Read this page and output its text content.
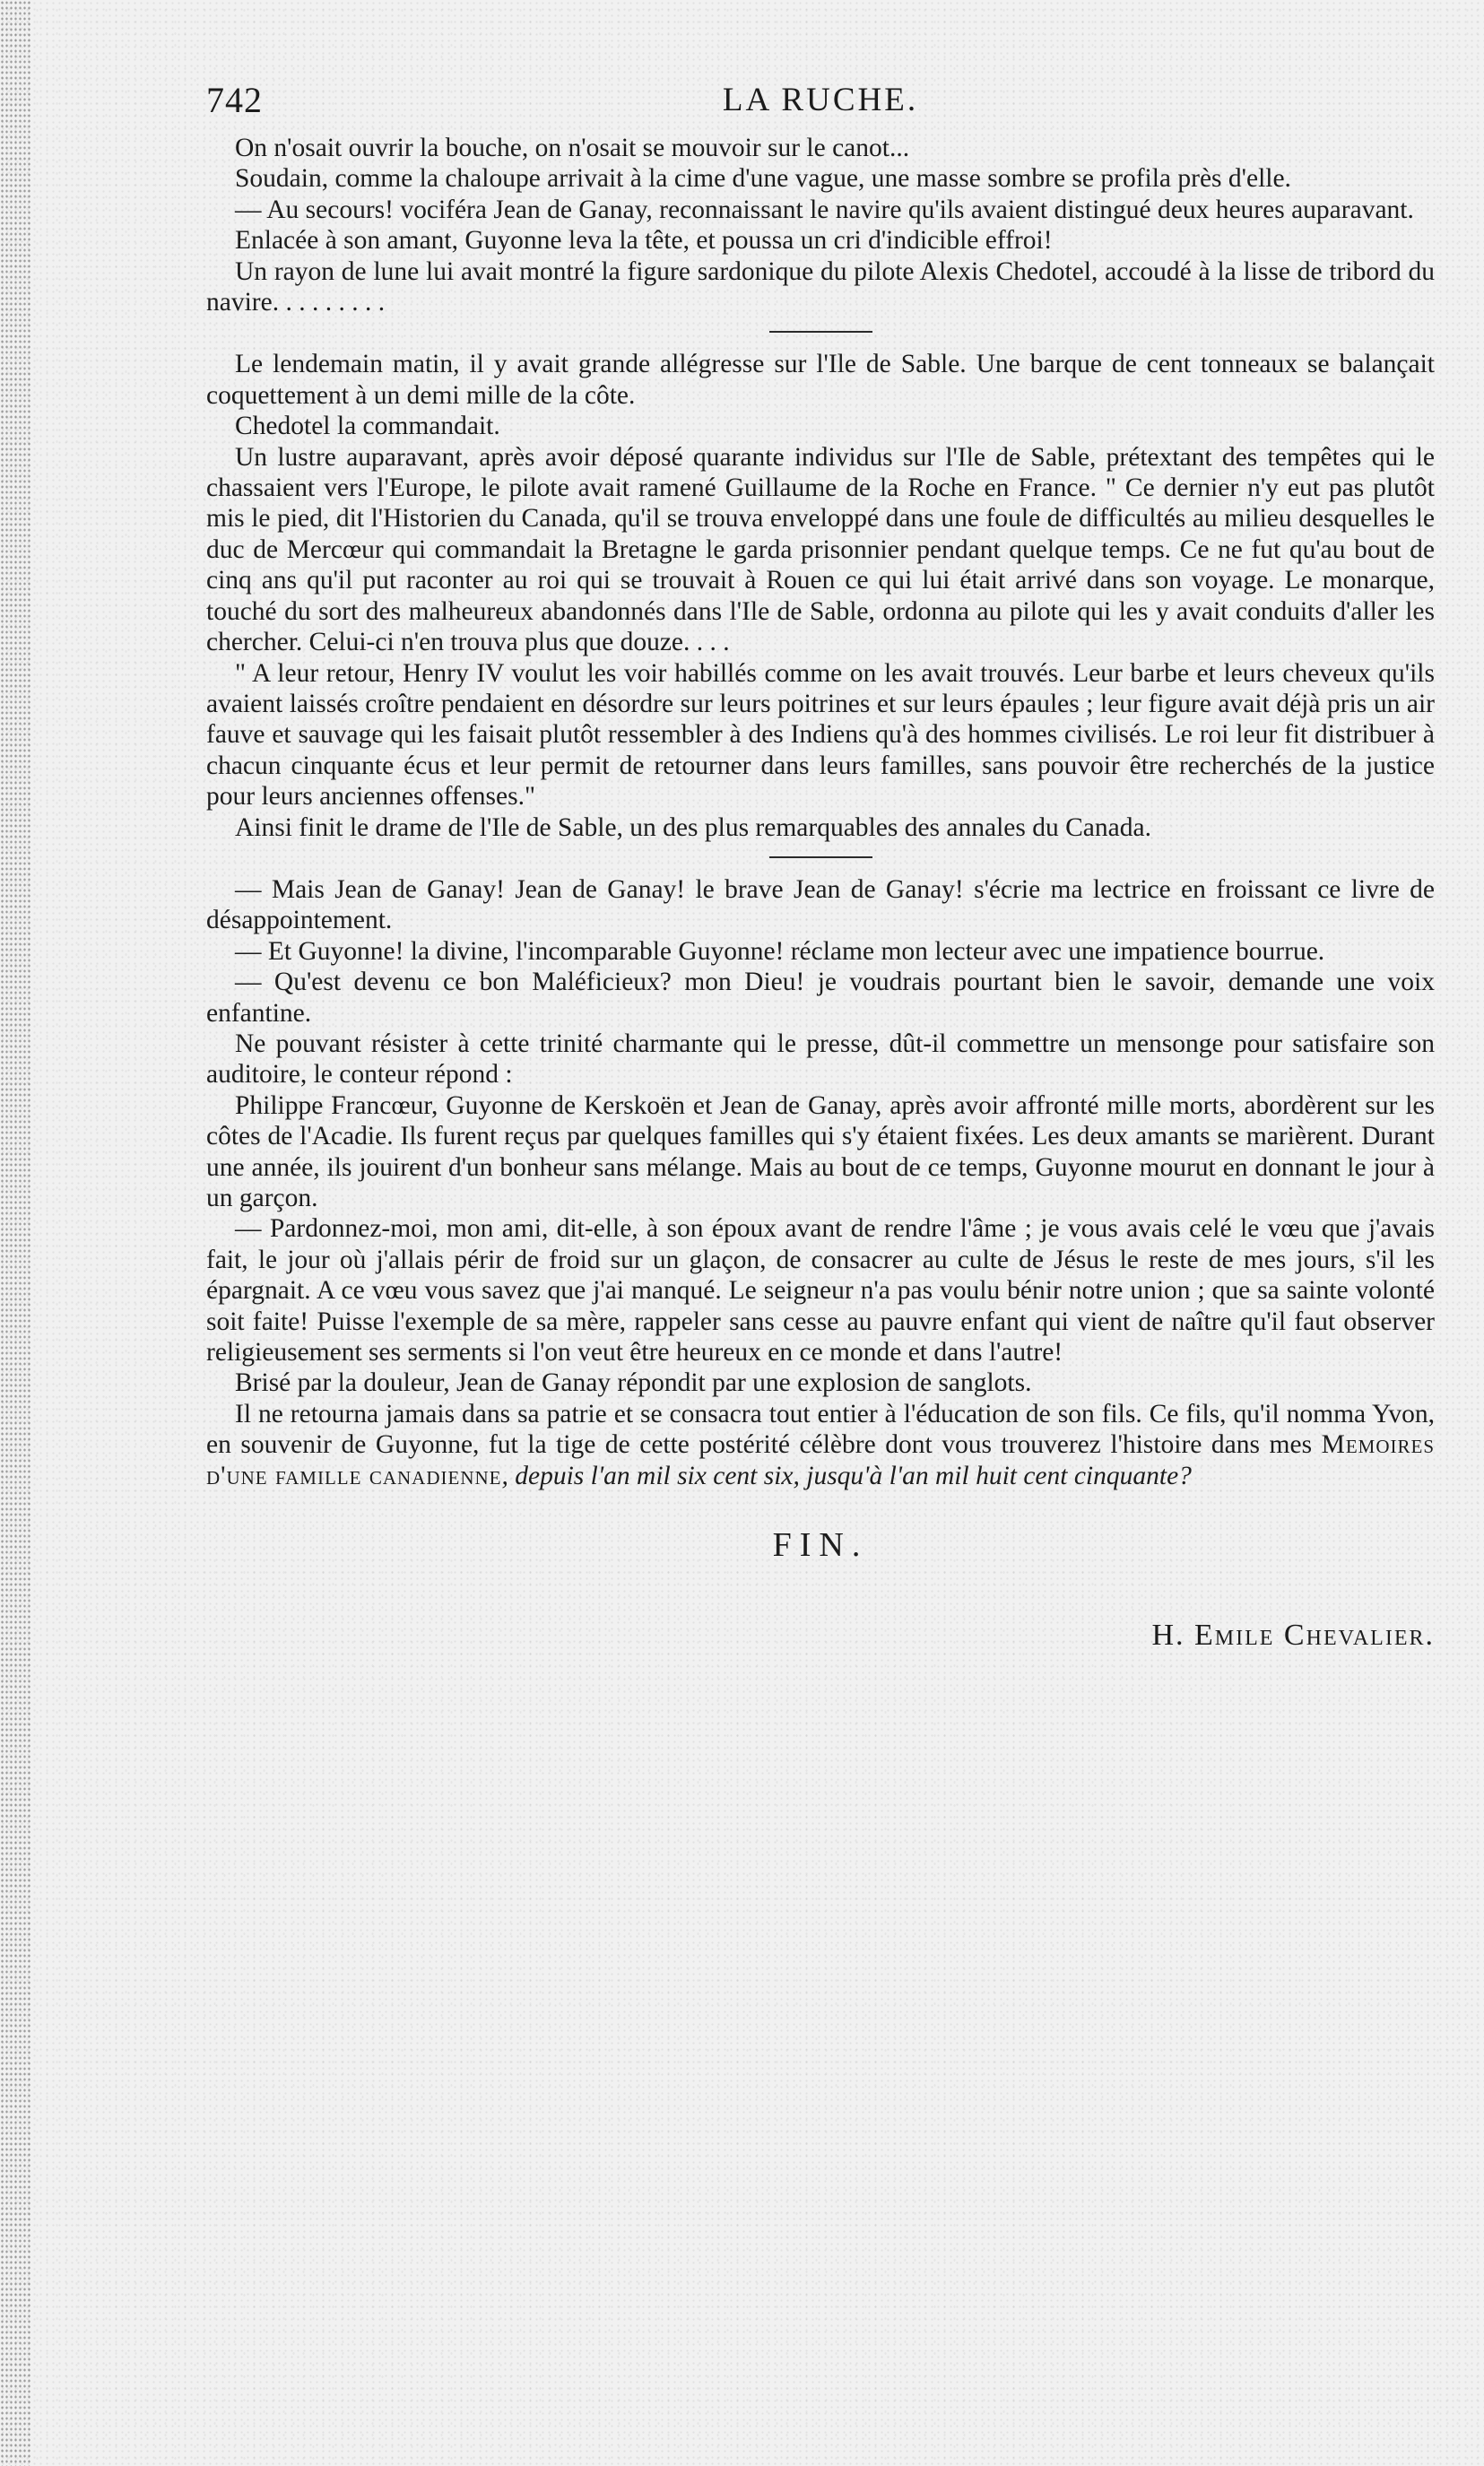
742	LA RUCHE.

On n'osait ouvrir la bouche, on n'osait se mouvoir sur le canot...

Soudain, comme la chaloupe arrivait à la cime d'une vague, une masse sombre se profila près d'elle.

— Au secours! vociféra Jean de Ganay, reconnaissant le navire qu'ils avaient distingué deux heures auparavant.

Enlacée à son amant, Guyonne leva la tête, et poussa un cri d'indicible effroi!

Un rayon de lune lui avait montré la figure sardonique du pilote Alexis Chedotel, accoudé à la lisse de tribord du navire. . . . . . . . .

Le lendemain matin, il y avait grande allégresse sur l'Ile de Sable. Une barque de cent tonneaux se balançait coquettement à un demi mille de la côte.

Chedotel la commandait.

Un lustre auparavant, après avoir déposé quarante individus sur l'Ile de Sable, prétextant des tempêtes qui le chassaient vers l'Europe, le pilote avait ramené Guillaume de la Roche en France. " Ce dernier n'y eut pas plutôt mis le pied, dit l'Historien du Canada, qu'il se trouva enveloppé dans une foule de difficultés au milieu desquelles le duc de Mercœur qui commandait la Bretagne le garda prisonnier pendant quelque temps. Ce ne fut qu'au bout de cinq ans qu'il put raconter au roi qui se trouvait à Rouen ce qui lui était arrivé dans son voyage. Le monarque, touché du sort des malheureux abandonnés dans l'Ile de Sable, ordonna au pilote qui les y avait conduits d'aller les chercher. Celui-ci n'en trouva plus que douze. . . .

" A leur retour, Henry IV voulut les voir habillés comme on les avait trouvés. Leur barbe et leurs cheveux qu'ils avaient laissés croître pendaient en désordre sur leurs poitrines et sur leurs épaules ; leur figure avait déjà pris un air fauve et sauvage qui les faisait plutôt ressembler à des Indiens qu'à des hommes civilisés. Le roi leur fit distribuer à chacun cinquante écus et leur permit de retourner dans leurs familles, sans pouvoir être recherchés de la justice pour leurs anciennes offenses."

Ainsi finit le drame de l'Ile de Sable, un des plus remarquables des annales du Canada.

— Mais Jean de Ganay! Jean de Ganay! le brave Jean de Ganay! s'écrie ma lectrice en froissant ce livre de désappointement.

— Et Guyonne! la divine, l'incomparable Guyonne! réclame mon lecteur avec une impatience bourrue.

— Qu'est devenu ce bon Maléficieux? mon Dieu! je voudrais pourtant bien le savoir, demande une voix enfantine.

Ne pouvant résister à cette trinité charmante qui le presse, dût-il commettre un mensonge pour satisfaire son auditoire, le conteur répond :

Philippe Francœur, Guyonne de Kerskoën et Jean de Ganay, après avoir affronté mille morts, abordèrent sur les côtes de l'Acadie. Ils furent reçus par quelques familles qui s'y étaient fixées. Les deux amants se marièrent. Durant une année, ils jouirent d'un bonheur sans mélange. Mais au bout de ce temps, Guyonne mourut en donnant le jour à un garçon.

— Pardonnez-moi, mon ami, dit-elle, à son époux avant de rendre l'âme ; je vous avais celé le vœu que j'avais fait, le jour où j'allais périr de froid sur un glaçon, de consacrer au culte de Jésus le reste de mes jours, s'il les épargnait. A ce vœu vous savez que j'ai manqué. Le seigneur n'a pas voulu bénir notre union ; que sa sainte volonté soit faite! Puisse l'exemple de sa mère, rappeler sans cesse au pauvre enfant qui vient de naître qu'il faut observer religieusement ses serments si l'on veut être heureux en ce monde et dans l'autre!

Brisé par la douleur, Jean de Ganay répondit par une explosion de sanglots.

Il ne retourna jamais dans sa patrie et se consacra tout entier à l'éducation de son fils. Ce fils, qu'il nomma Yvon, en souvenir de Guyonne, fut la tige de cette postérité célèbre dont vous trouverez l'histoire dans mes Memoires d'une famille canadienne, depuis l'an mil six cent six, jusqu'à l'an mil huit cent cinquante?

FIN.
H. Emile Chevalier.
